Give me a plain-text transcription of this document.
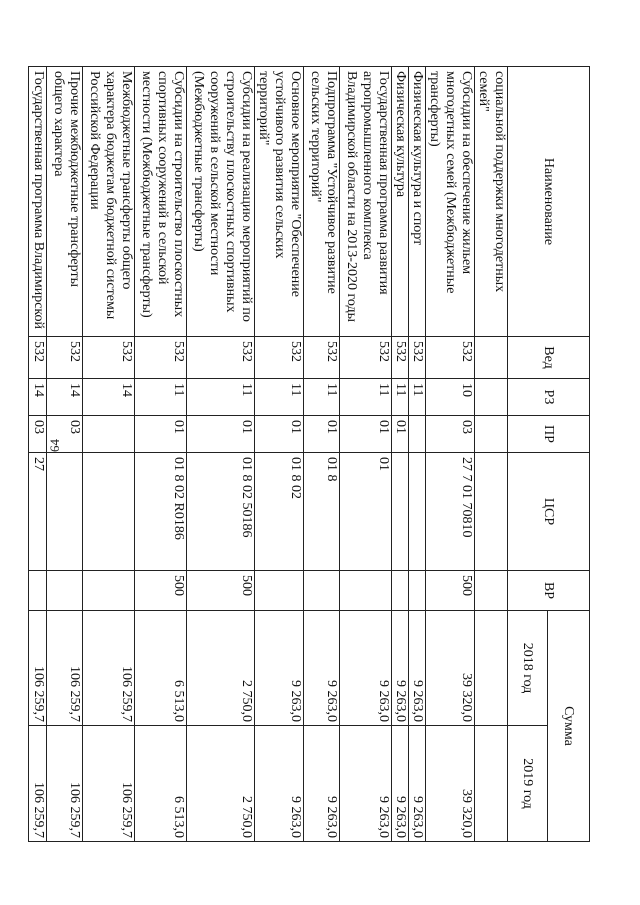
64
Наименование	Вед	РЗ	ПР	ЦСР	ВР	Сумма	
						2018 год	2019 год
социальной поддержки многодетных семей"							
Субсидии на обеспечение жильем многодетных семей (Межбюджетные трансферты)	532	10	03	27 7 01 70810	500	39 320,0	39 320,0
Физическая культура и спорт	532	11				9 263,0	9 263,0
Физическая культура	532	11	01			9 263,0	9 263,0
Государственная программа развития агропромышленного комплекса Владимирской области на 2013-2020 годы	532	11	01	01		9 263,0	9 263,0
Подпрограмма "Устойчивое развитие сельских территорий"	532	11	01	01 8		9 263,0	9 263,0
Основное мероприятие "Обеспечение устойчивого развития сельских территорий"	532	11	01	01 8 02		9 263,0	9 263,0
Субсидии на реализацию мероприятий по строительству плоскостных спортивных сооружений в сельской местности (Межбюджетные трансферты)	532	11	01	01 8 02 50186	500	2 750,0	2 750,0
Субсидии на строительство плоскостных спортивных сооружений в сельской местности (Межбюджетные трансферты)	532	11	01	01 8 02 R0186	500	6 513,0	6 513,0
Межбюджетные трансферты общего характера бюджетам бюджетной системы Российской Федерации	532	14				106 259,7	106 259,7
Прочие межбюджетные трансферты общего характера	532	14	03			106 259,7	106 259,7
Государственная программа Владимирской	532	14	03	27		106 259,7	106 259,7
